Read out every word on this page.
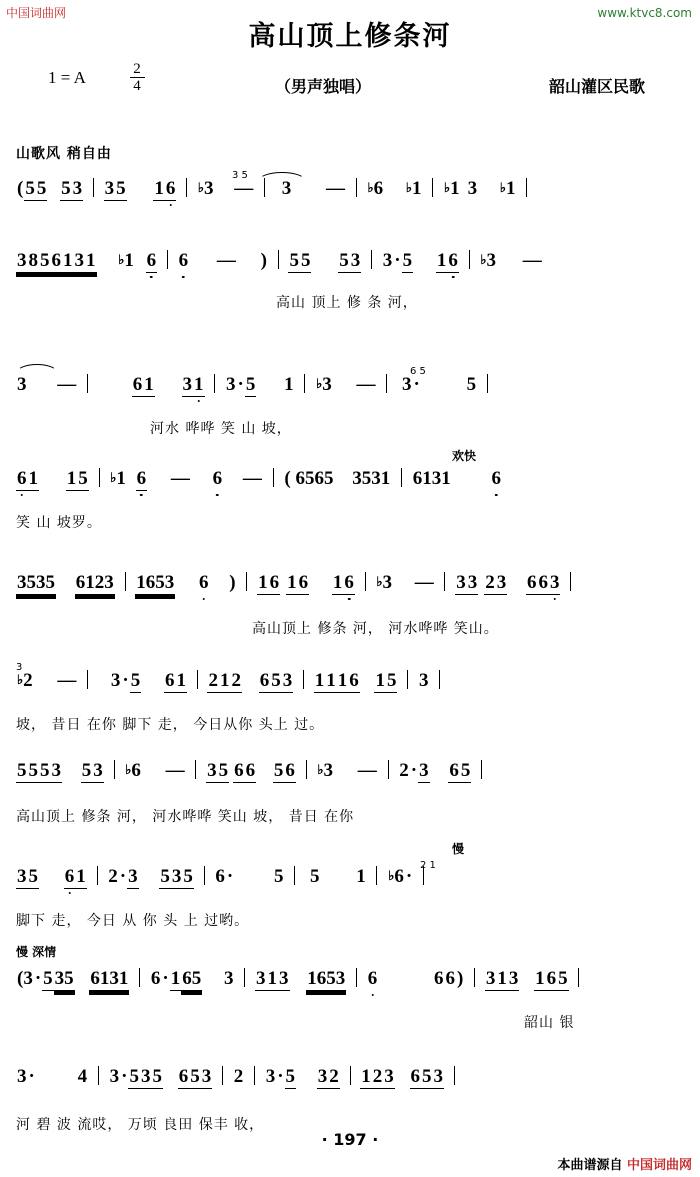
中国词曲网	www.ktvc8.com
高山顶上修条河
1 = A	2
4	（男声独唱）	韶山灌区民歌
山歌风 稍自由
( 5 5 5 3 3 5 1 6 ♭3 — 3 — ♭6 ♭1 ♭1 3 ♭1
3 5
3 8 5 6 1 3 1 ♭1 6 6 — ) 5 5 5 3 3 · 5 1 6 ♭3 —
高山 顶上 修 条 河，
3 —	6 1 3 1 3 · 5 1 ♭3 — 3 · 5
6 5
河水 哗哗 笑 山 坡，
6 1 1 5 ♭1 6 — 6 — ( 6565 3531 6131 6
笑 山 坡罗。
3535 6123 1653 6 ) 1 6 1 6 1 6 ♭3 — 3 3 2 3 6 6 3
高山顶上 修条 河， 河水哗哗 笑山。
♭2 — 3 · 5 6 1 2 1 2 6 5 3 1 1 1 6 1 5 3
3
坡， 昔日 在你 脚下 走， 今日从你 头上 过。
5 5 5 3 5 3 ♭6 — 3 5 6 6 5 6 ♭3 — 2 · 3 6 5
高山顶上 修条 河， 河水哗哗 笑山 坡， 昔日 在你
3 5 6 1 2 · 3 5 3 5 6 · 5 5 1 ♭6 ·
2 1
脚下 走， 今日 从 你 头 上 过哟。
(3 · 5 35 6131 6 · 1 65 3 3 1 3 1653 6	6 6 ) 3 1 3 1 6 5
韶山 银
3 · 4 3 · 5 3 5 6 5 3 2 3 · 5 3 2 1 2 3 6 5 3
河 碧 波 流哎， 万顷 良田 保丰 收，
欢快
慢
慢 深情
· 197 ·
本曲谱源自 中国词曲网
